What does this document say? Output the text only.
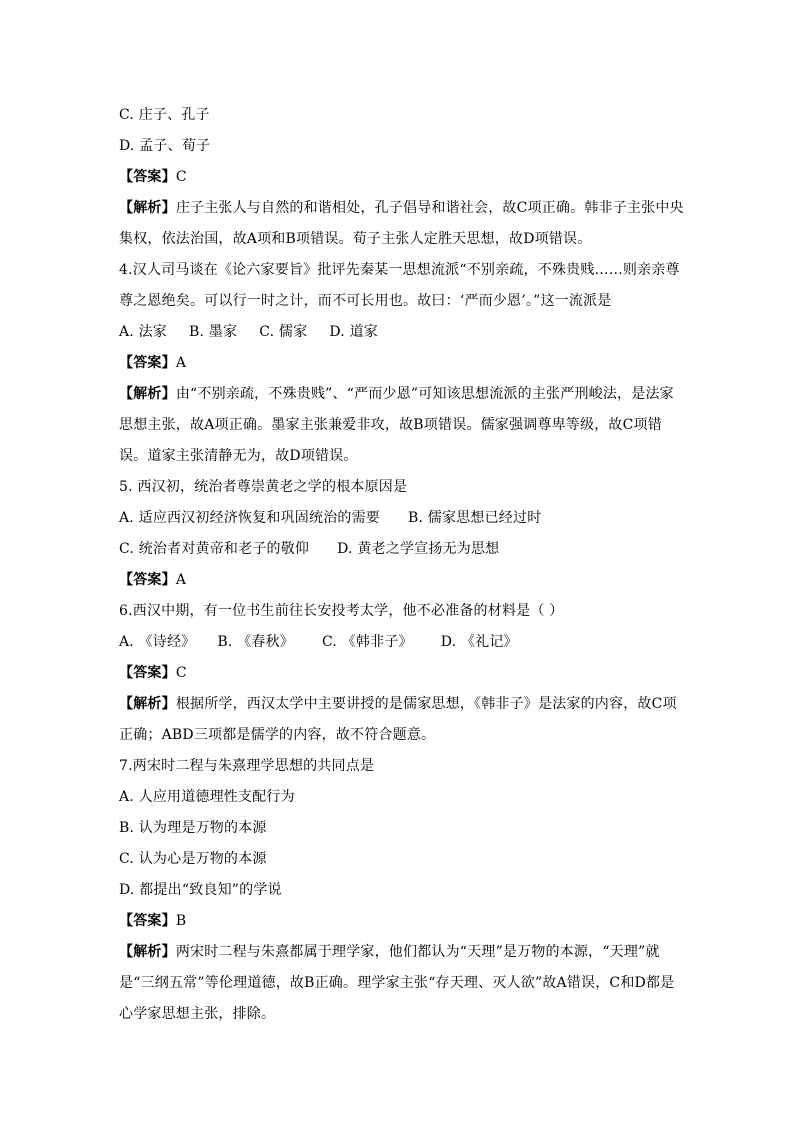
C. 庄子、孔子
D. 孟子、荀子
【答案】C
【解析】庄子主张人与自然的和谐相处，孔子倡导和谐社会，故C项正确。韩非子主张中央集权，依法治国，故A项和B项错误。荀子主张人定胜天思想，故D项错误。
4.汉人司马谈在《论六家要旨》批评先秦某一思想流派“不别亲疏，不殊贵贱……则亲亲尊尊之恩绝矣。可以行一时之计，而不可长用也。故曰：‘严而少恩’。”这一流派是
A. 法家 B. 墨家 C. 儒家 D. 道家
【答案】A
【解析】由“不别亲疏，不殊贵贱”、“严而少恩”可知该思想流派的主张严刑峻法，是法家思想主张，故A项正确。墨家主张兼爱非攻，故B项错误。儒家强调尊卑等级，故C项错误。道家主张清静无为，故D项错误。
5. 西汉初，统治者尊崇黄老之学的根本原因是
A. 适应西汉初经济恢复和巩固统治的需要 B. 儒家思想已经过时
C. 统治者对黄帝和老子的敬仰 D. 黄老之学宣扬无为思想
【答案】A
6.西汉中期，有一位书生前往长安投考太学，他不必准备的材料是（ ）
A. 《诗经》 B. 《春秋》 C. 《韩非子》 D. 《礼记》
【答案】C
【解析】根据所学，西汉太学中主要讲授的是儒家思想，《韩非子》是法家的内容，故C项正确；ABD三项都是儒学的内容，故不符合题意。
7.两宋时二程与朱熹理学思想的共同点是
A. 人应用道德理性支配行为
B. 认为理是万物的本源
C. 认为心是万物的本源
D. 都提出“致良知”的学说
【答案】B
【解析】两宋时二程与朱熹都属于理学家，他们都认为“天理”是万物的本源，“天理”就是“三纲五常”等伦理道德，故B正确。理学家主张“存天理、灭人欲”故A错误，C和D都是心学家思想主张，排除。
